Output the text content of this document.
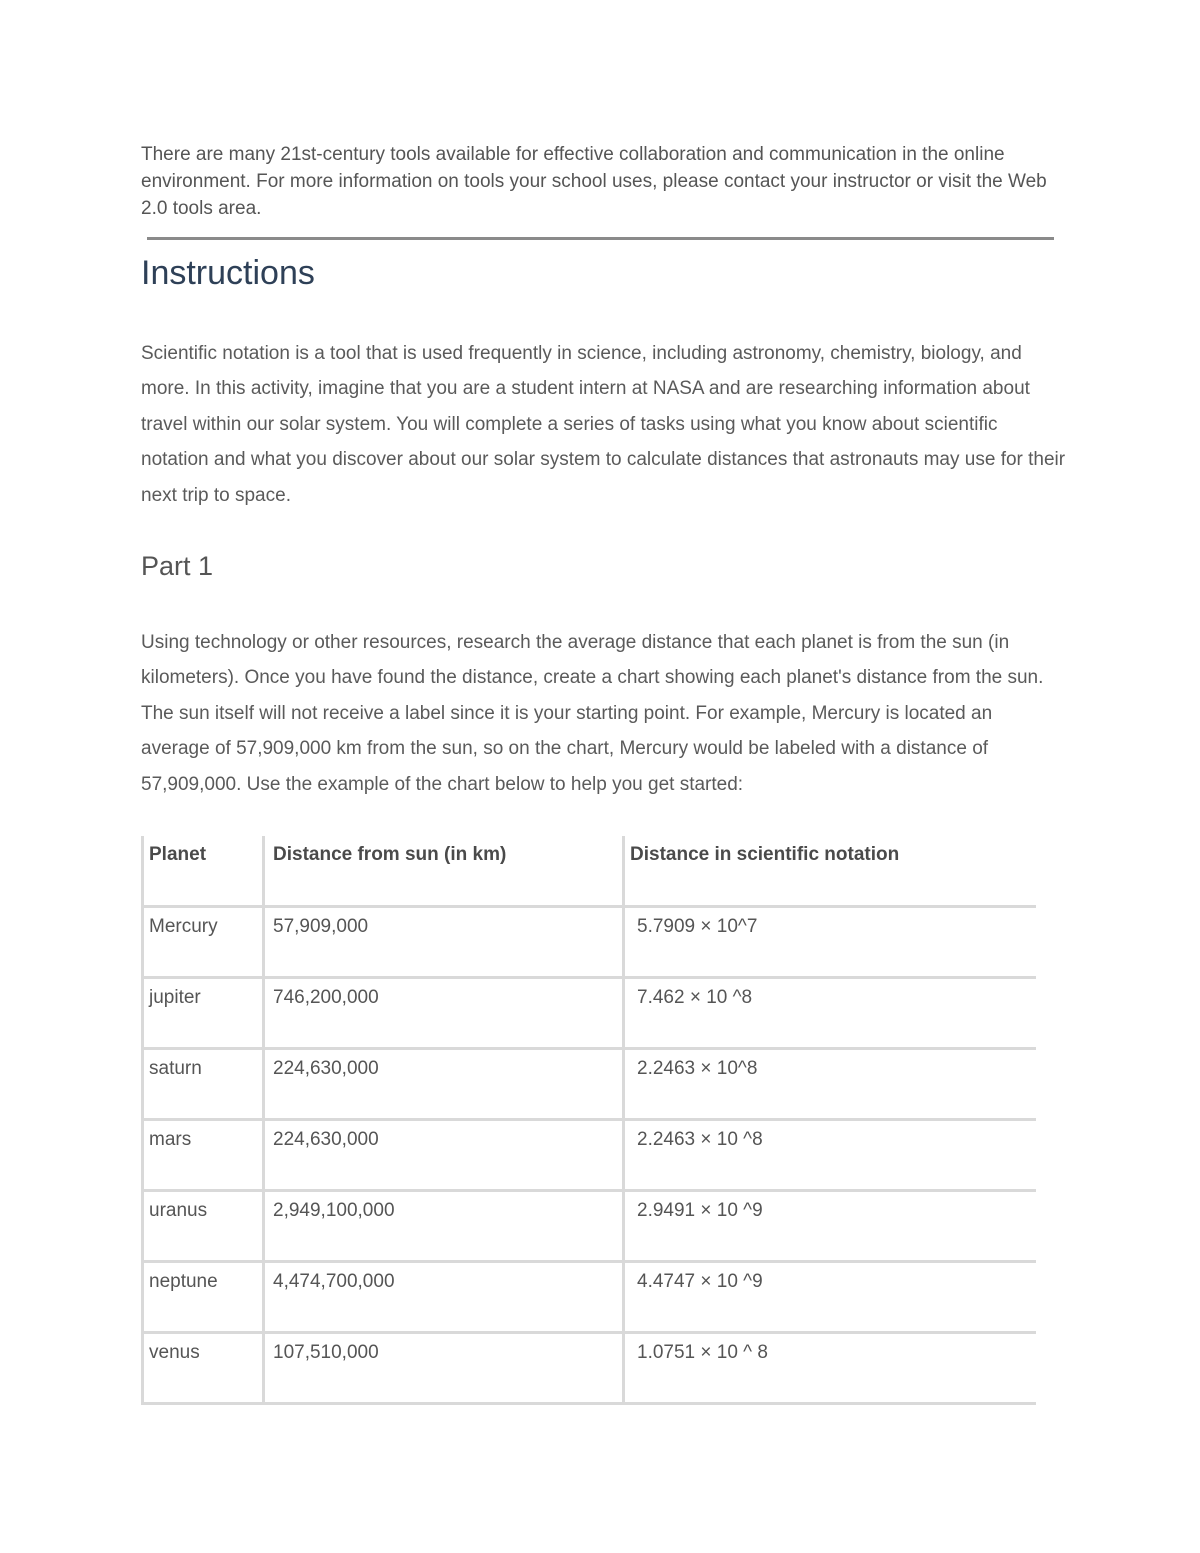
There are many 21st-century tools available for effective collaboration and communication in the online environment. For more information on tools your school uses, please contact your instructor or visit the Web 2.0 tools area.

Instructions

Scientific notation is a tool that is used frequently in science, including astronomy, chemistry, biology, and more. In this activity, imagine that you are a student intern at NASA and are researching information about travel within our solar system. You will complete a series of tasks using what you know about scientific notation and what you discover about our solar system to calculate distances that astronauts may use for their next trip to space.

Part 1

Using technology or other resources, research the average distance that each planet is from the sun (in kilometers). Once you have found the distance, create a chart showing each planet's distance from the sun. The sun itself will not receive a label since it is your starting point. For example, Mercury is located an average of 57,909,000 km from the sun, so on the chart, Mercury would be labeled with a distance of 57,909,000. Use the example of the chart below to help you get started:

Planet	Distance from sun (in km)	Distance in scientific notation

Mercury	57,909,000	5.7909 × 10^7

jupiter	746,200,000	7.462 × 10 ^8

saturn	224,630,000	2.2463 × 10^8

mars	224,630,000	2.2463 × 10 ^8

uranus	2,949,100,000	2.9491 × 10 ^9

neptune	4,474,700,000	4.4747 × 10 ^9

venus	107,510,000	1.0751 × 10 ^ 8
